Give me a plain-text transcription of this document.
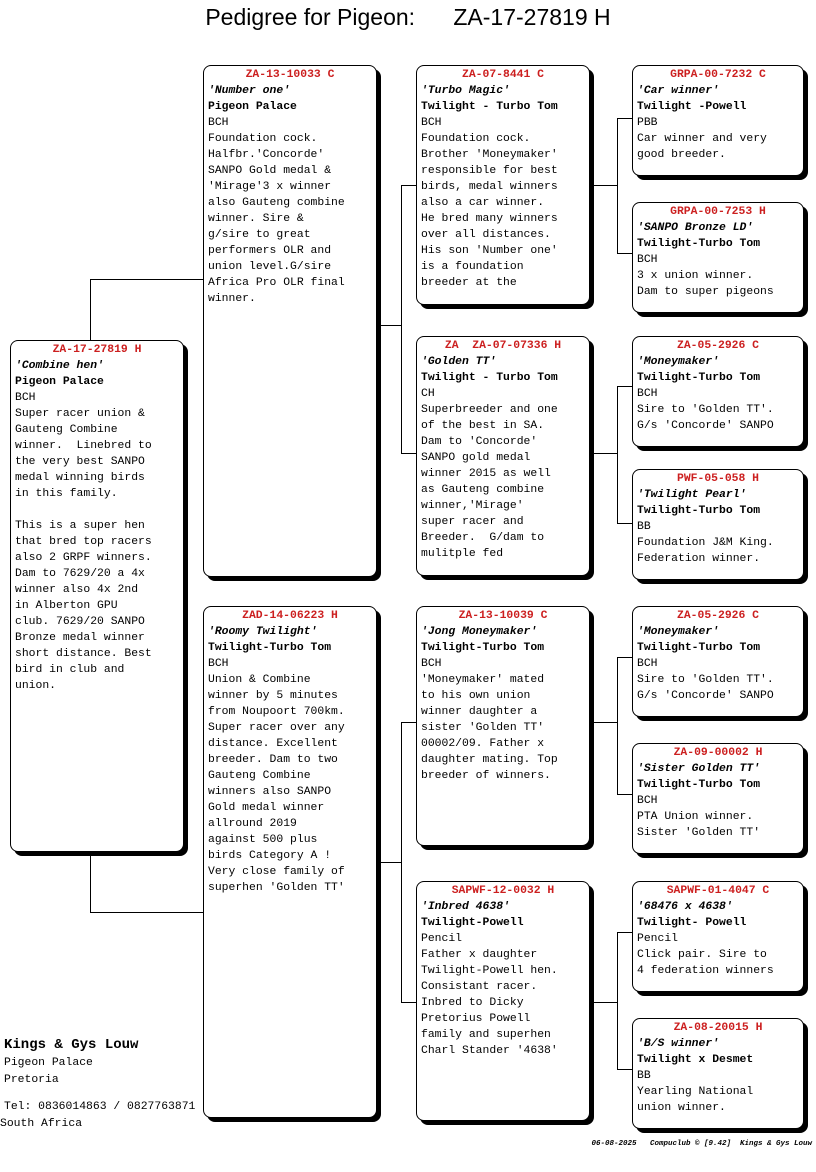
Pedigree for Pigeon:      ZA-17-27819 H
ZA-17-27819 H
'Combine hen'
Pigeon Palace
BCH
Super racer union &
Gauteng Combine
winner.  Linebred to
the very best SANPO
medal winning birds
in this family.

This is a super hen
that bred top racers
also 2 GRPF winners.
Dam to 7629/20 a 4x
winner also 4x 2nd
in Alberton GPU
club. 7629/20 SANPO
Bronze medal winner
short distance. Best
bird in club and
union.
ZA-13-10033 C
'Number one'
Pigeon Palace
BCH
Foundation cock.
Halfbr.'Concorde'
SANPO Gold medal &
'Mirage'3 x winner
also Gauteng combine
winner. Sire &
g/sire to great
performers OLR and
union level.G/sire
Africa Pro OLR final
winner.
ZAD-14-06223 H
'Roomy Twilight'
Twilight-Turbo Tom
BCH
Union & Combine
winner by 5 minutes
from Noupoort 700km.
Super racer over any
distance. Excellent
breeder. Dam to two
Gauteng Combine
winners also SANPO
Gold medal winner
allround 2019
against 500 plus
birds Category A !
Very close family of
superhen 'Golden TT'
ZA-07-8441 C
'Turbo Magic'
Twilight - Turbo Tom
BCH
Foundation cock.
Brother 'Moneymaker'
responsible for best
birds, medal winners
also a car winner.
He bred many winners
over all distances.
His son 'Number one'
is a foundation
breeder at the
ZA  ZA-07-07336 H
'Golden TT'
Twilight - Turbo Tom
CH
Superbreeder and one
of the best in SA.
Dam to 'Concorde'
SANPO gold medal
winner 2015 as well
as Gauteng combine
winner,'Mirage'
super racer and
Breeder.  G/dam to
mulitple fed
ZA-13-10039 C
'Jong Moneymaker'
Twilight-Turbo Tom
BCH
'Moneymaker' mated
to his own union
winner daughter a
sister 'Golden TT'
00002/09. Father x
daughter mating. Top
breeder of winners.
SAPWF-12-0032 H
'Inbred 4638'
Twilight-Powell
Pencil
Father x daughter
Twilight-Powell hen.
Consistant racer.
Inbred to Dicky
Pretorius Powell
family and superhen
Charl Stander '4638'
GRPA-00-7232 C
'Car winner'
Twilight -Powell
PBB
Car winner and very
good breeder.
GRPA-00-7253 H
'SANPO Bronze LD'
Twilight-Turbo Tom
BCH
3 x union winner.
Dam to super pigeons
ZA-05-2926 C
'Moneymaker'
Twilight-Turbo Tom
BCH
Sire to 'Golden TT'.
G/s 'Concorde' SANPO
PWF-05-058 H
'Twilight Pearl'
Twilight-Turbo Tom
BB
Foundation J&M King.
Federation winner.
ZA-05-2926 C
'Moneymaker'
Twilight-Turbo Tom
BCH
Sire to 'Golden TT'.
G/s 'Concorde' SANPO
ZA-09-00002 H
'Sister Golden TT'
Twilight-Turbo Tom
BCH
PTA Union winner.
Sister 'Golden TT'
SAPWF-01-4047 C
'68476 x 4638'
Twilight- Powell
Pencil
Click pair. Sire to
4 federation winners
ZA-08-20015 H
'B/S winner'
Twilight x Desmet
BB
Yearling National
union winner.
Kings & Gys Louw
Pigeon Palace
Pretoria
Tel: 0836014863 / 0827763871
South Africa
06-08-2025   Compuclub © [9.42]  Kings & Gys Louw
